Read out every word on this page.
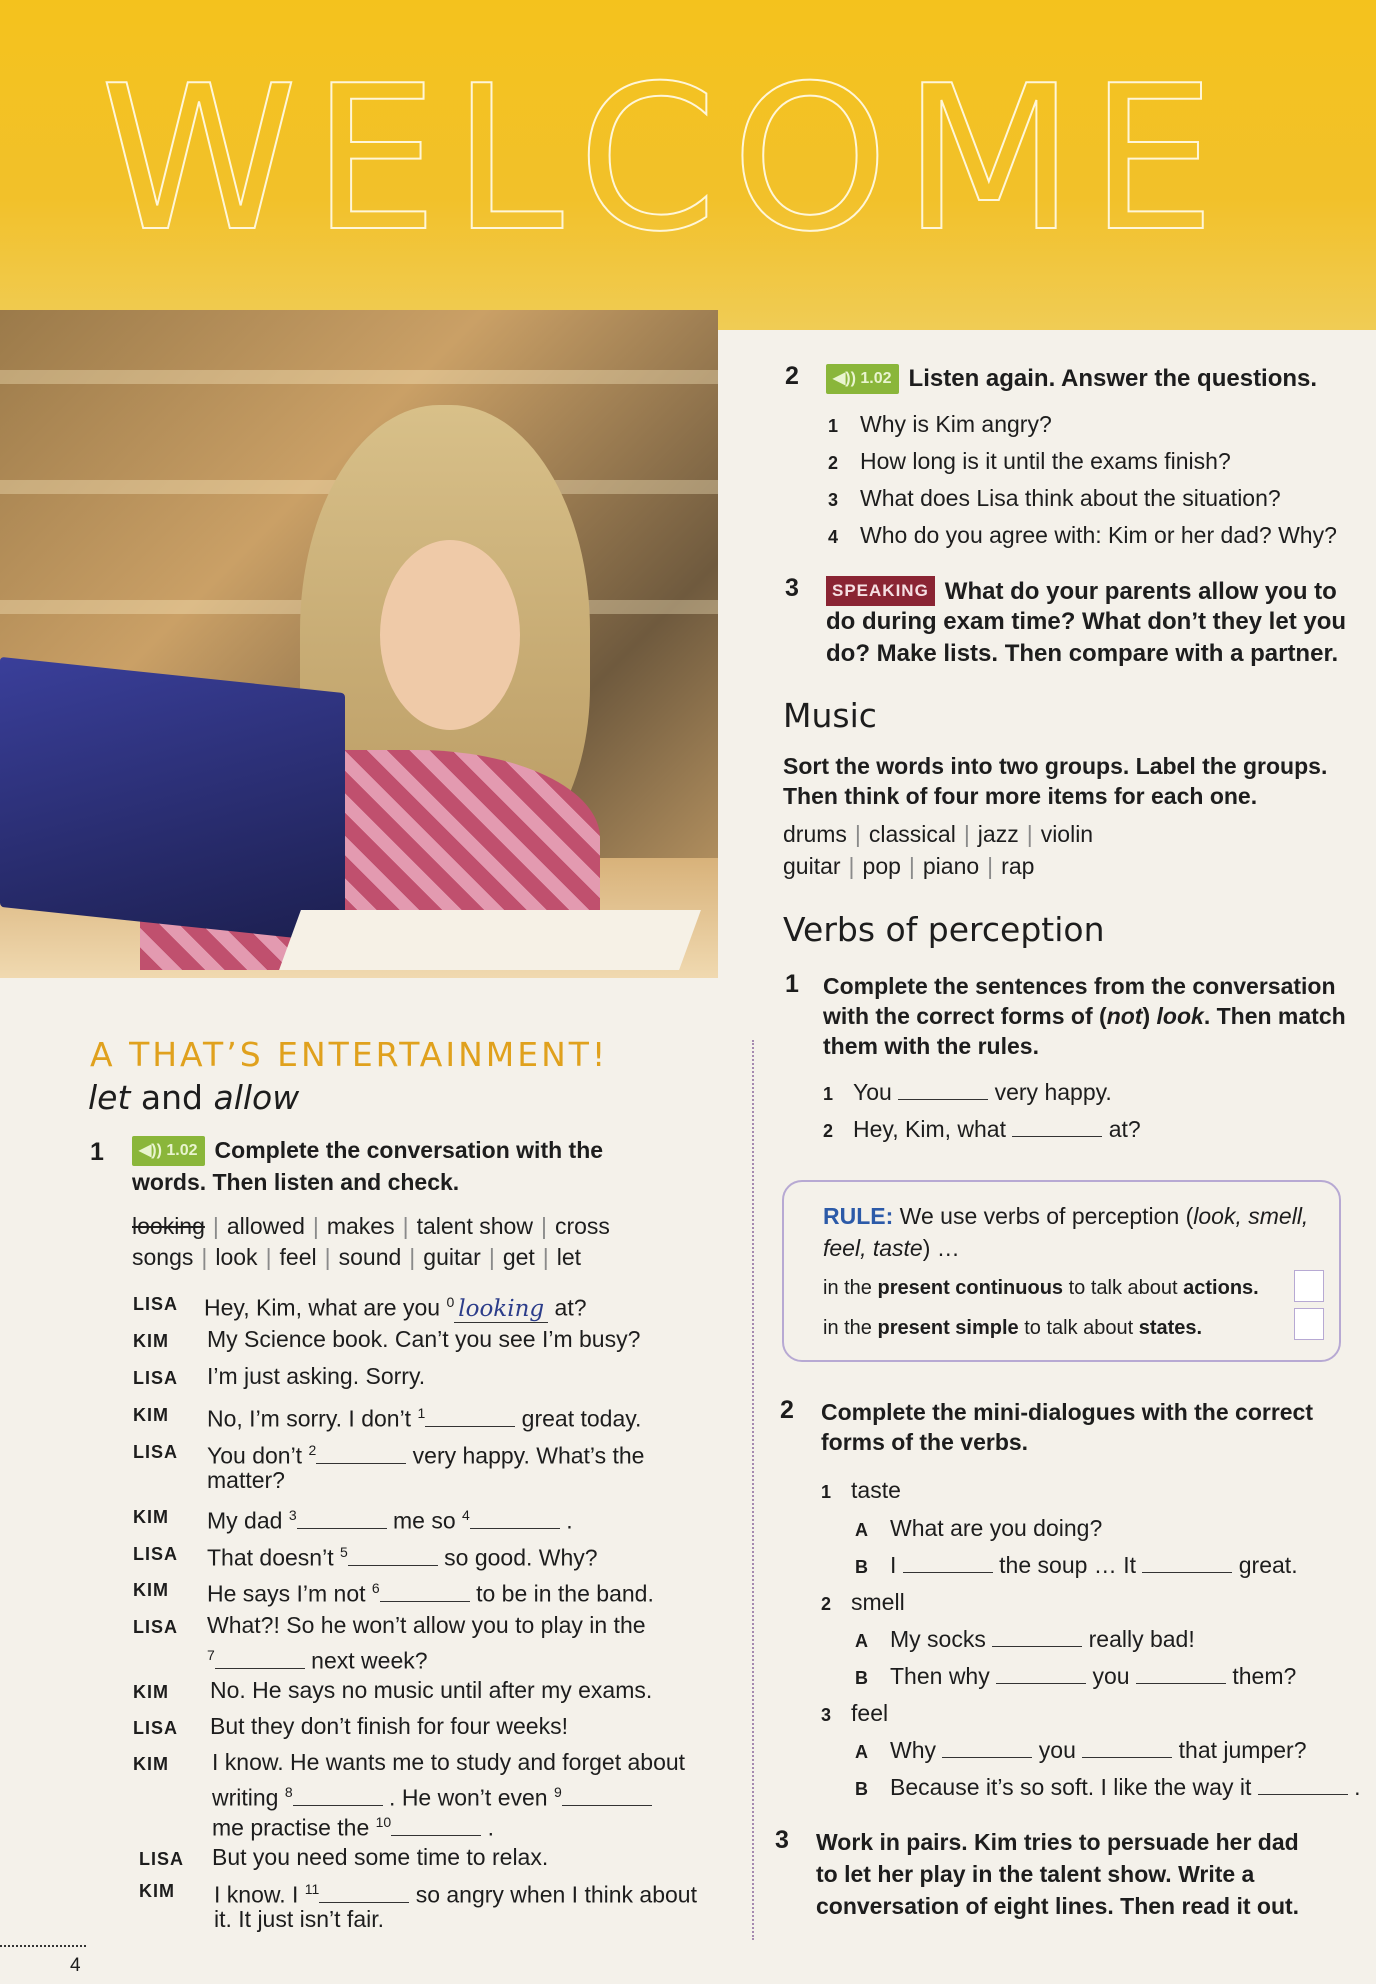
WELCOME
A THAT’S ENTERTAINMENT!
let and allow
1	◀)) 1.02 Complete the conversation with the
words. Then listen and check.
looking | allowed | makes | talent show | cross
songs | look | feel | sound | guitar | get | let
LISA Hey, Kim, what are you $^0$ looking at?
KIM My Science book. Can’t you see I’m busy?
LISA I’m just asking. Sorry.
KIM No, I’m sorry. I don’t $^1$	great today.
LISA You don’t $^2$	very happy. What’s the
matter?
KIM My dad $^3$	me so $^4$	.
LISA That doesn’t $^5$	so good. Why?
KIM He says I’m not $^6$	to be in the band.
LISA What?! So he won’t allow you to play in the
$^7$	next week?
KIM No. He says no music until after my exams.
LISA But they don’t finish for four weeks!
KIM I know. He wants me to study and forget about
writing $^8$	. He won’t even $^9$
me practise the $^{10}$	.
LISA But you need some time to relax.
KIM I know. I $^{11}$	so angry when I think about
it. It just isn’t fair.
2	◀)) 1.02 Listen again. Answer the questions.
1 Why is Kim angry?
2 How long is it until the exams finish?
3 What does Lisa think about the situation?
4 Who do you agree with: Kim or her dad? Why?
3	SPEAKING What do your parents allow you to
do during exam time? What don’t they let you
do? Make lists. Then compare with a partner.
Music
Sort the words into two groups. Label the groups.
Then think of four more items for each one.
drums | classical | jazz | violin
guitar | pop | piano | rap
Verbs of perception
1 Complete the sentences from the conversation
with the correct forms of (not) look. Then match
them with the rules.
1 You	very happy.
2 Hey, Kim, what	at?
RULE: We use verbs of perception (look, smell,
feel, taste) …
in the present continuous to talk about actions.
in the present simple to talk about states.
2 Complete the mini-dialogues with the correct
forms of the verbs.
1 taste
A What are you doing?
B I	the soup … It	great.
2 smell
A My socks	really bad!
B Then why	you	them?
3 feel
A Why	you	that jumper?
B Because it’s so soft. I like the way it	.
3 Work in pairs. Kim tries to persuade her dad
to let her play in the talent show. Write a
conversation of eight lines. Then read it out.
4
